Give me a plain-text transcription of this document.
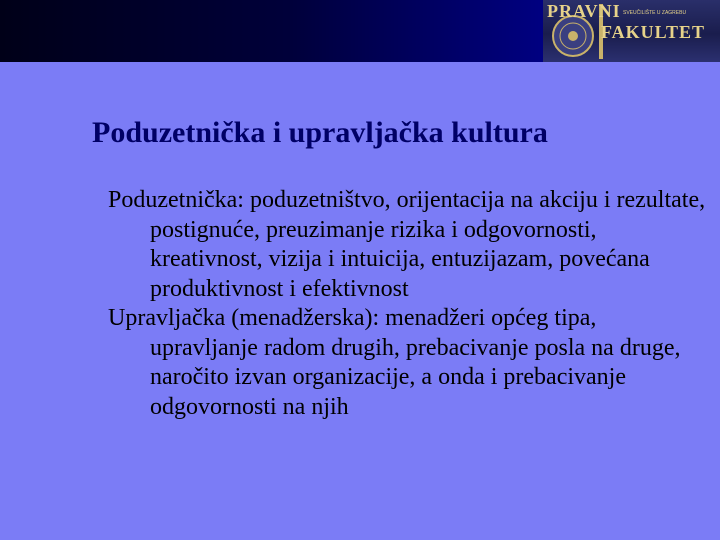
PRAVNI SVEUČILIŠTE U ZAGREBU
FAKULTET
Poduzetnička i upravljačka kultura

Poduzetnička: poduzetništvo, orijentacija na akciju i rezultate, postignuće, preuzimanje rizika i odgovornosti, kreativnost, vizija i intuicija, entuzijazam, povećana produktivnost i efektivnost

Upravljačka (menadžerska): menadžeri općeg tipa, upravljanje radom drugih, prebacivanje posla na druge, naročito izvan organizacije, a onda i prebacivanje odgovornosti na njih
